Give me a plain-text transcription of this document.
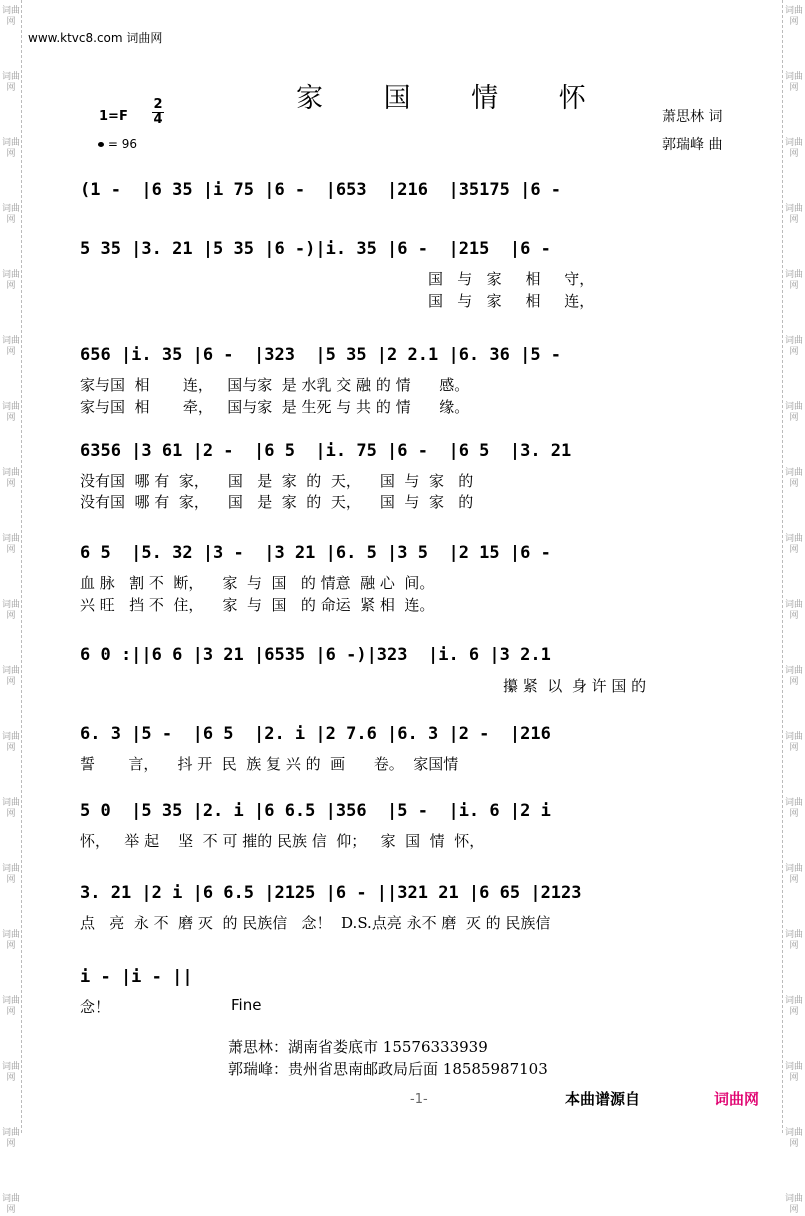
词曲网
词曲网
词曲网
词曲网
词曲网
词曲网
词曲网
词曲网
词曲网
词曲网
词曲网
词曲网
词曲网
词曲网
词曲网
词曲网
词曲网
词曲网
词曲网
词曲网
词曲网
词曲网
词曲网
词曲网
词曲网
词曲网
词曲网
词曲网
词曲网
词曲网
词曲网
词曲网
词曲网
词曲网
词曲网
词曲网
词曲网
词曲网
www.ktvc8.com 词曲网
家 国 情 怀
萧思林 词
郭瑞峰 曲
$1=F \frac{2}{4}$
= 96
(1 -  |6 35 |i 75 |6 -  |653  |216  |35175 |6 -
5 35 |3. 21 |5 35 |6 -)|i. 35 |6 -  |215  |6 -
国   与   家     相     守，
国   与   家     相     连，
656 |i. 35 |6 -  |323  |5 35 |2 2.1 |6. 36 |5 -
家与国  相       连，   国与家  是 水乳 交 融 的 情      感。
家与国  相       牵，   国与家  是 生死 与 共 的 情      缘。
6356 |3 61 |2 -  |6 5  |i. 75 |6 -  |6 5  |3. 21
没有国  哪 有  家，    国   是  家  的  天，    国  与  家   的
没有国  哪 有  家，    国   是  家  的  天，    国  与  家   的
6 5  |5. 32 |3 -  |3 21 |6. 5 |3 5  |2 15 |6 -
血 脉   割 不  断，    家  与  国   的 情意  融 心  间。
兴 旺   挡 不  住，    家  与  国   的 命运  紧 相  连。
6 0 :||6 6 |3 21 |6535 |6 -)|323  |i. 6 |3 2.1
攥 紧  以  身 许 国 的
6. 3 |5 -  |6 5  |2. i |2 7.6 |6. 3 |2 -  |216
誓       言，    抖 开  民  族 复 兴 的  画      卷。  家国情
5 0  |5 35 |2. i |6 6.5 |356  |5 -  |i. 6 |2 i
怀，   举 起    坚  不 可 摧的 民族 信  仰；   家  国  情  怀，
3. 21 |2 i |6 6.5 |2125 |6 - ||321 21 |6 65 |2123
点   亮  永 不  磨 灭  的 民族信   念！  D.S.点亮 永不 磨  灭 的 民族信
i - |i - ||
念！	Fine
萧思林：湖南省娄底市 15576333939
郭瑞峰：贵州省思南邮政局后面 18585987103
-1-	本曲谱源自	词曲网
